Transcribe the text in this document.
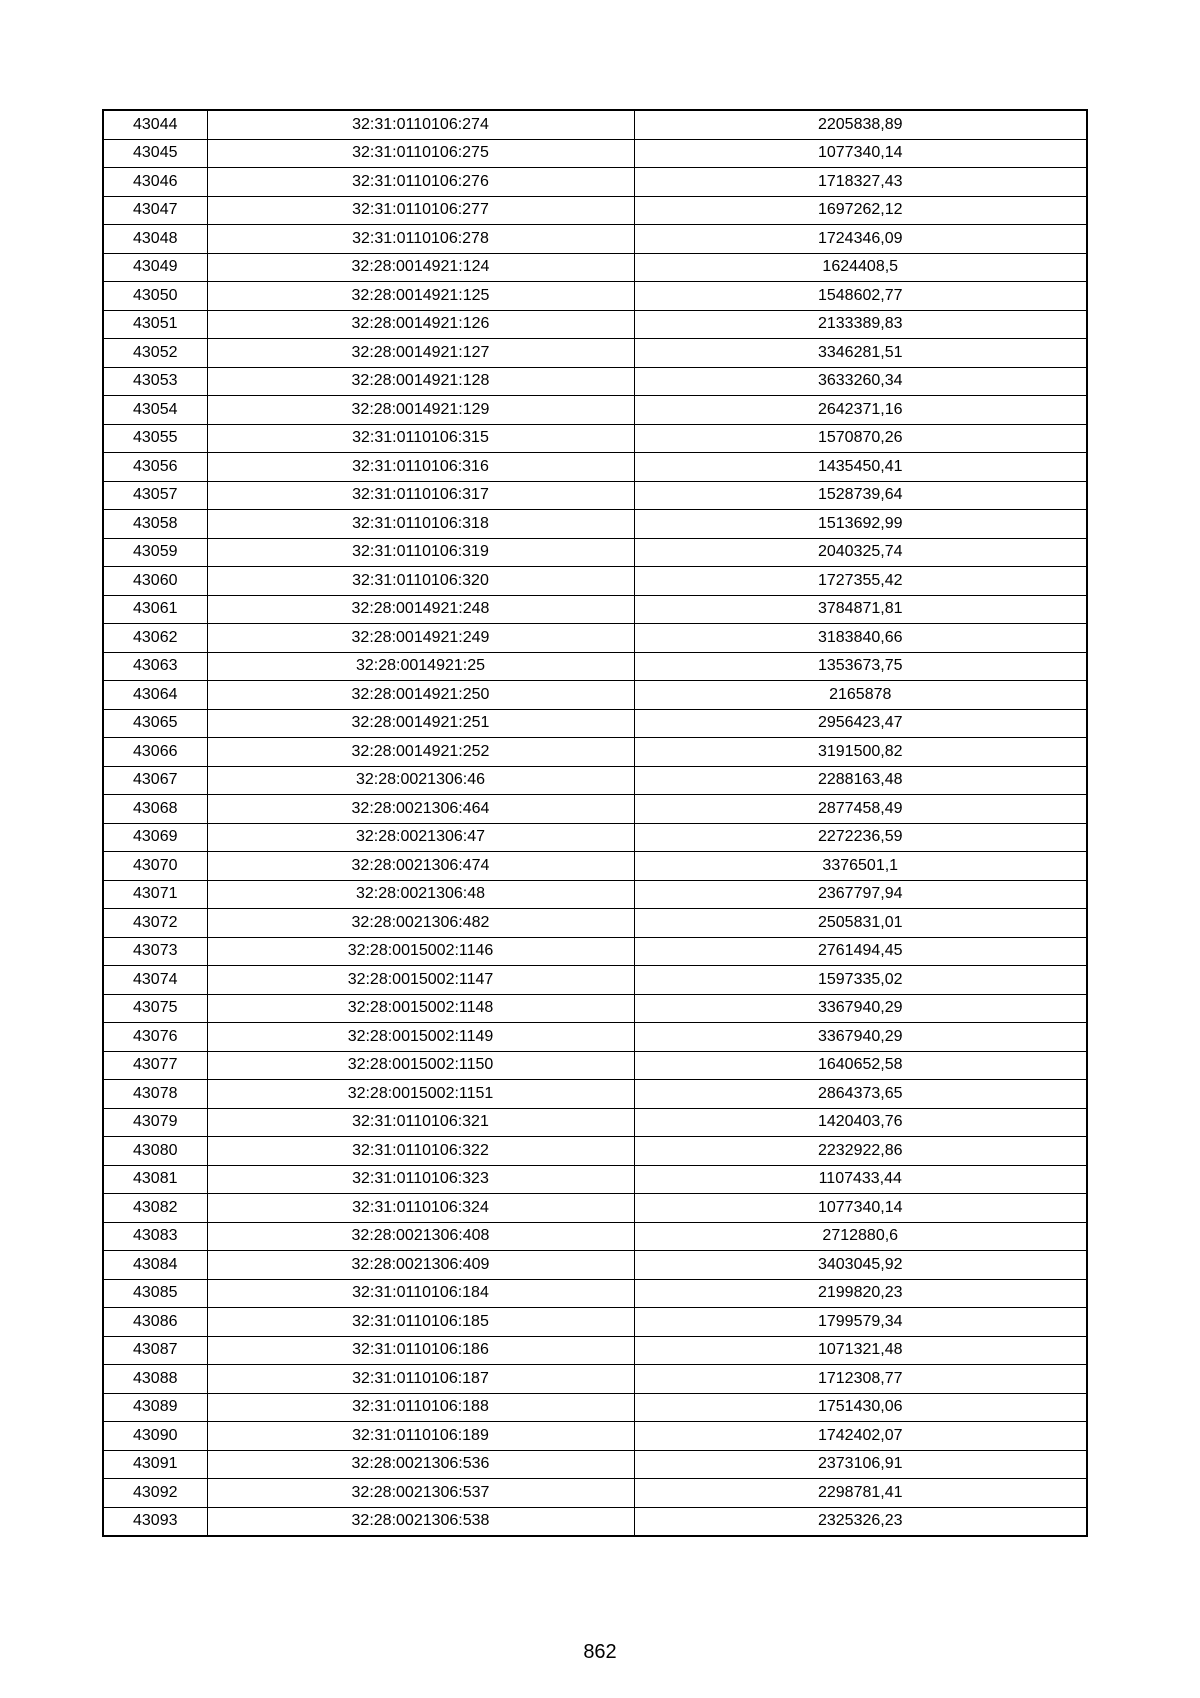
43044	32:31:0110106:274	2205838,89
43045	32:31:0110106:275	1077340,14
43046	32:31:0110106:276	1718327,43
43047	32:31:0110106:277	1697262,12
43048	32:31:0110106:278	1724346,09
43049	32:28:0014921:124	1624408,5
43050	32:28:0014921:125	1548602,77
43051	32:28:0014921:126	2133389,83
43052	32:28:0014921:127	3346281,51
43053	32:28:0014921:128	3633260,34
43054	32:28:0014921:129	2642371,16
43055	32:31:0110106:315	1570870,26
43056	32:31:0110106:316	1435450,41
43057	32:31:0110106:317	1528739,64
43058	32:31:0110106:318	1513692,99
43059	32:31:0110106:319	2040325,74
43060	32:31:0110106:320	1727355,42
43061	32:28:0014921:248	3784871,81
43062	32:28:0014921:249	3183840,66
43063	32:28:0014921:25	1353673,75
43064	32:28:0014921:250	2165878
43065	32:28:0014921:251	2956423,47
43066	32:28:0014921:252	3191500,82
43067	32:28:0021306:46	2288163,48
43068	32:28:0021306:464	2877458,49
43069	32:28:0021306:47	2272236,59
43070	32:28:0021306:474	3376501,1
43071	32:28:0021306:48	2367797,94
43072	32:28:0021306:482	2505831,01
43073	32:28:0015002:1146	2761494,45
43074	32:28:0015002:1147	1597335,02
43075	32:28:0015002:1148	3367940,29
43076	32:28:0015002:1149	3367940,29
43077	32:28:0015002:1150	1640652,58
43078	32:28:0015002:1151	2864373,65
43079	32:31:0110106:321	1420403,76
43080	32:31:0110106:322	2232922,86
43081	32:31:0110106:323	1107433,44
43082	32:31:0110106:324	1077340,14
43083	32:28:0021306:408	2712880,6
43084	32:28:0021306:409	3403045,92
43085	32:31:0110106:184	2199820,23
43086	32:31:0110106:185	1799579,34
43087	32:31:0110106:186	1071321,48
43088	32:31:0110106:187	1712308,77
43089	32:31:0110106:188	1751430,06
43090	32:31:0110106:189	1742402,07
43091	32:28:0021306:536	2373106,91
43092	32:28:0021306:537	2298781,41
43093	32:28:0021306:538	2325326,23
862
